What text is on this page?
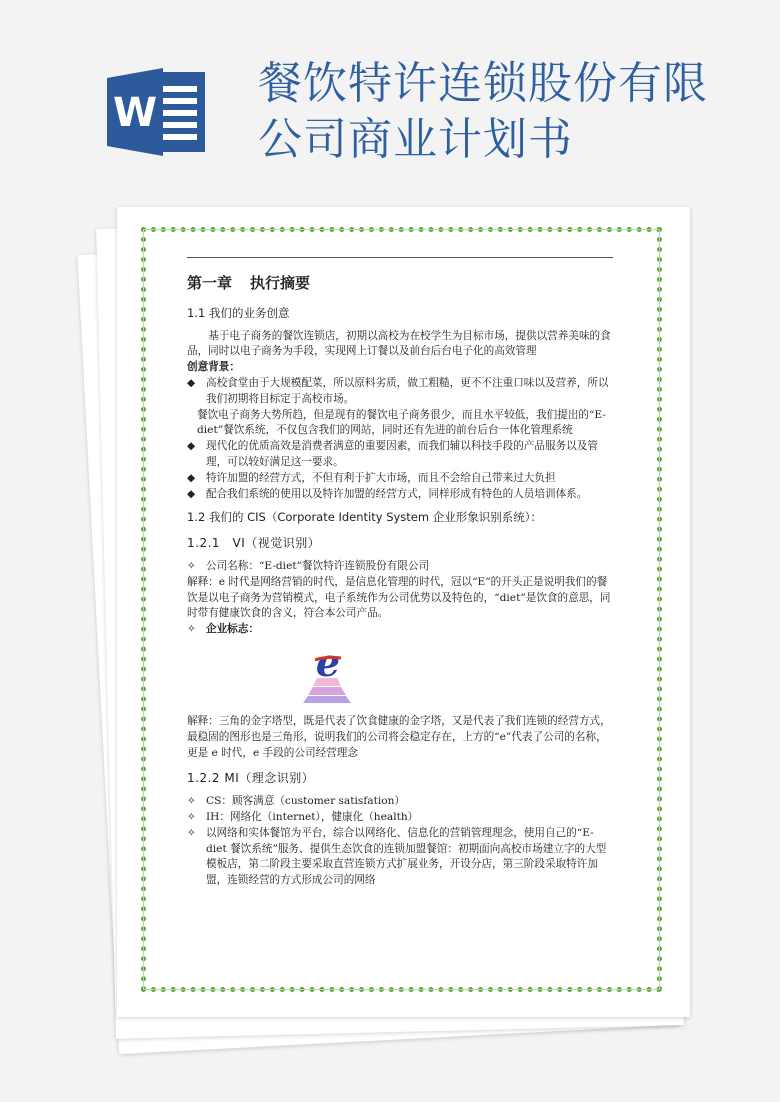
W
餐饮特许连锁股份有限
公司商业计划书
第一章 执行摘要
1.1 我们的业务创意

基于电子商务的餐饮连锁店，初期以高校为在校学生为目标市场，提供以营养美味的食品，同时以电子商务为手段，实现网上订餐以及前台后台电子化的高效管理

创意背景：

◆ 高校食堂由于大规模配菜，所以原料劣质，做工粗糙，更不不注重口味以及营养，所以我们初期将目标定于高校市场。

餐饮电子商务大势所趋，但是现有的餐饮电子商务很少，而且水平较低，我们提出的“E-diet”餐饮系统，不仅包含我们的网站，同时还有先进的前台后台一体化管理系统

◆ 现代化的优质高效是消费者满意的重要因素，而我们辅以科技手段的产品服务以及管理，可以较好满足这一要求。
◆ 特许加盟的经营方式，不但有利于扩大市场，而且不会给自己带来过大负担
◆ 配合我们系统的使用以及特许加盟的经营方式，同样形成有特色的人员培训体系。
1.2 我们的 CIS（Corporate Identity System 企业形象识别系统）：
1.2.1　VI（视觉识别）
✧ 公司名称：“E-diet”餐饮特许连锁股份有限公司

解释：e 时代是网络营销的时代，是信息化管理的时代，冠以“E”的开头正是说明我们的餐饮是以电子商务为营销模式，电子系统作为公司优势以及特色的，“diet”是饮食的意思，同时带有健康饮食的含义，符合本公司产品。

✧ 企业标志：
e

解释：三角的金字塔型，既是代表了饮食健康的金字塔，又是代表了我们连锁的经营方式，最稳固的图形也是三角形，说明我们的公司将会稳定存在，上方的“e”代表了公司的名称，更是 e 时代，e 手段的公司经营理念

1.2.2 MI（理念识别）
✧ CS：顾客满意（customer satisfation）
✧ IH：网络化（internet），健康化（health）
✧ 以网络和实体餐馆为平台，综合以网络化、信息化的营销管理理念，使用自己的“E-diet 餐饮系统”服务、提供生态饮食的连锁加盟餐馆：初期面向高校市场建立字的大型模板店，第二阶段主要采取直营连锁方式扩展业务，开设分店，第三阶段采取特许加盟，连锁经营的方式形成公司的网络
